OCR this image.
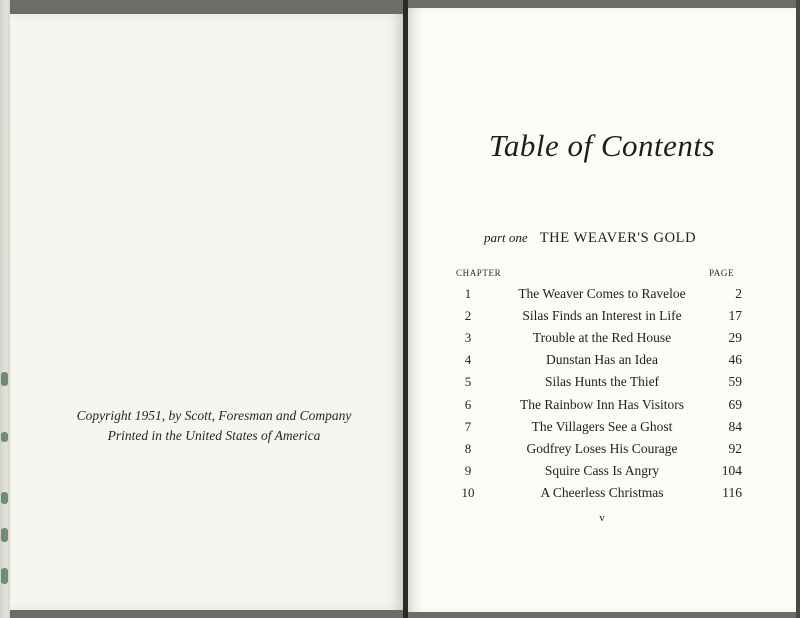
Copyright 1951, by Scott, Foresman and Company
Printed in the United States of America
Table of Contents
part one THE WEAVER'S GOLD
CHAPTER	PAGE
1	The Weaver Comes to Raveloe	2
2	Silas Finds an Interest in Life	17
3	Trouble at the Red House	29
4	Dunstan Has an Idea	46
5	Silas Hunts the Thief	59
6	The Rainbow Inn Has Visitors	69
7	The Villagers See a Ghost	84
8	Godfrey Loses His Courage	92
9	Squire Cass Is Angry	104
10	A Cheerless Christmas	116
v
